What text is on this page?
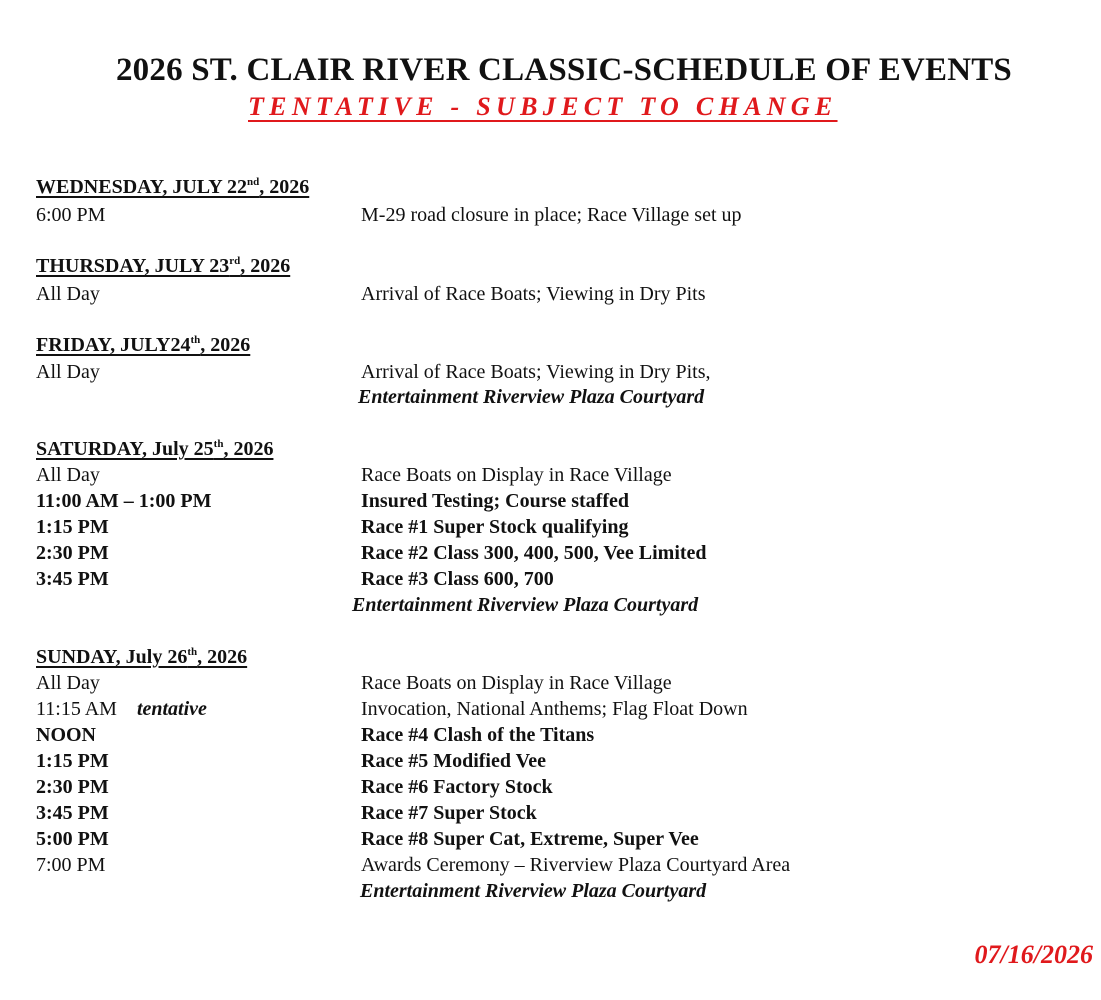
2026 ST. CLAIR RIVER CLASSIC-SCHEDULE OF EVENTS
TENTATIVE - SUBJECT TO CHANGE
WEDNESDAY, JULY 22nd, 2026
6:00 PM	M-29 road closure in place; Race Village set up
THURSDAY, JULY 23rd, 2026
All Day	Arrival of Race Boats; Viewing in Dry Pits
FRIDAY, JULY24th, 2026
All Day	Arrival of Race Boats; Viewing in Dry Pits,
Entertainment Riverview Plaza Courtyard
SATURDAY, July 25th, 2026
All Day	Race Boats on Display in Race Village
11:00 AM – 1:00 PM	Insured Testing; Course staffed
1:15 PM	Race #1 Super Stock qualifying
2:30 PM	Race #2 Class 300, 400, 500, Vee Limited
3:45 PM	Race #3 Class 600, 700
Entertainment Riverview Plaza Courtyard
SUNDAY, July 26th, 2026
All Day	Race Boats on Display in Race Village
11:15 AM tentative	Invocation, National Anthems; Flag Float Down
NOON	Race #4 Clash of the Titans
1:15 PM	Race #5 Modified Vee
2:30 PM	Race #6 Factory Stock
3:45 PM	Race #7 Super Stock
5:00 PM	Race #8 Super Cat, Extreme, Super Vee
7:00 PM	Awards Ceremony – Riverview Plaza Courtyard Area
Entertainment Riverview Plaza Courtyard
07/16/2026
